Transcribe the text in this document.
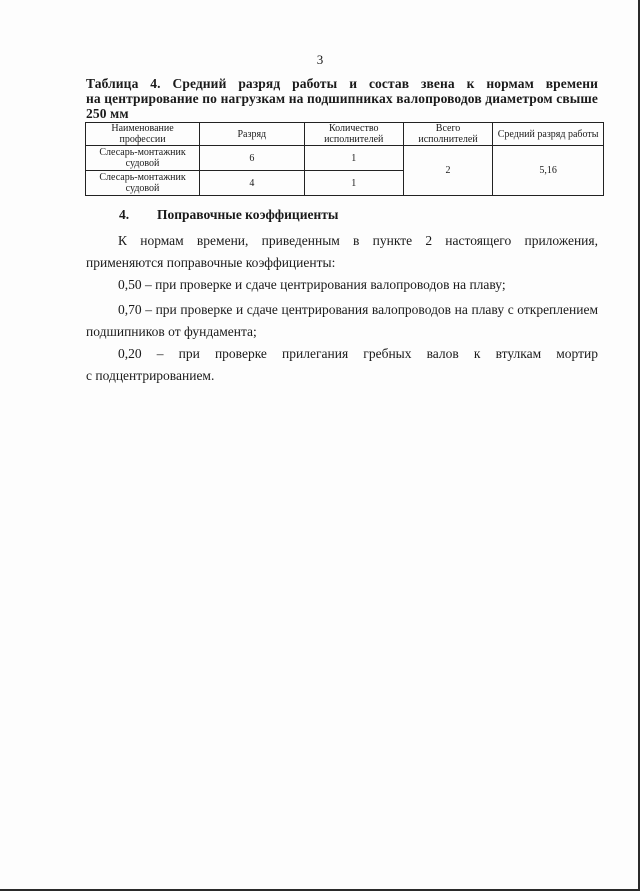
3
Таблица 4. Средний разряд работы и состав звена к нормам времени
на центрирование по нагрузкам на подшипниках валопроводов диаметром свыше
250 мм
Наименование профессии	Разряд	Количество исполнителей	Всего исполнителей	Средний разряд работы
Слесарь-монтажник судовой	6	1	2	5,16
Слесарь-монтажник судовой	4	1		
4. Поправочные коэффициенты
К нормам времени, приведенным в пункте 2 настоящего приложения, применяются поправочные коэффициенты:
0,50 – при проверке и сдаче центрирования валопроводов на плаву;
0,70 – при проверке и сдаче центрирования валопроводов на плаву с откреплением подшипников от фундамента;
0,20 – при проверке прилегания гребных валов к втулкам мортир
с подцентрированием.
